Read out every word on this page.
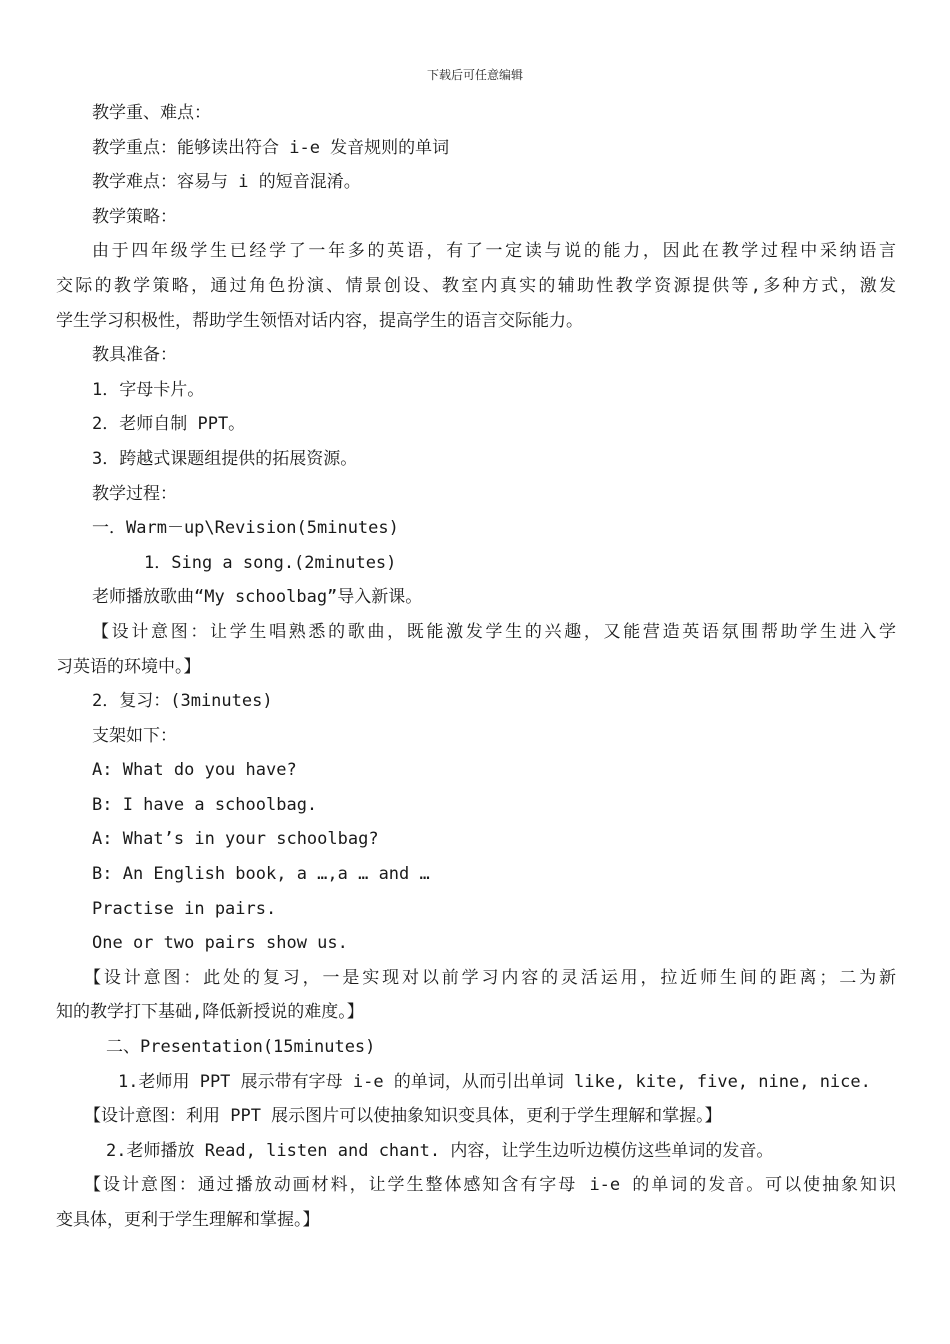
下载后可任意编辑
教学重、难点：
教学重点：能够读出符合 i-e 发音规则的单词
教学难点：容易与 i 的短音混淆。
教学策略：
由于四年级学生已经学了一年多的英语，有了一定读与说的能力，因此在教学过程中采纳语言
交际的教学策略，通过角色扮演、情景创设、教室内真实的辅助性教学资源提供等,多种方式，激发
学生学习积极性，帮助学生领悟对话内容，提高学生的语言交际能力。
教具准备：
1．字母卡片。
2．老师自制 PPT。
3．跨越式课题组提供的拓展资源。
教学过程：
一．Warm－up\Revision(5minutes)
1．Sing a song.(2minutes)
老师播放歌曲“My schoolbag”导入新课。
【设计意图：让学生唱熟悉的歌曲，既能激发学生的兴趣，又能营造英语氛围帮助学生进入学
习英语的环境中。】
2．复习：(3minutes)
支架如下：
A: What do you have?
B: I have a schoolbag.
A: What’s in your schoolbag?
B: An English book, a …,a … and …
Practise in pairs.
One or two pairs show us.
【设计意图：此处的复习，一是实现对以前学习内容的灵活运用，拉近师生间的距离；二为新
知的教学打下基础,降低新授说的难度。】
二、Presentation(15minutes)
1.老师用 PPT 展示带有字母 i-e 的单词，从而引出单词 like, kite, five, nine, nice.
【设计意图：利用 PPT 展示图片可以使抽象知识变具体，更利于学生理解和掌握。】
2.老师播放 Read, listen and chant. 内容，让学生边听边模仿这些单词的发音。
【设计意图：通过播放动画材料，让学生整体感知含有字母 i-e 的单词的发音。可以使抽象知识
变具体，更利于学生理解和掌握。】
